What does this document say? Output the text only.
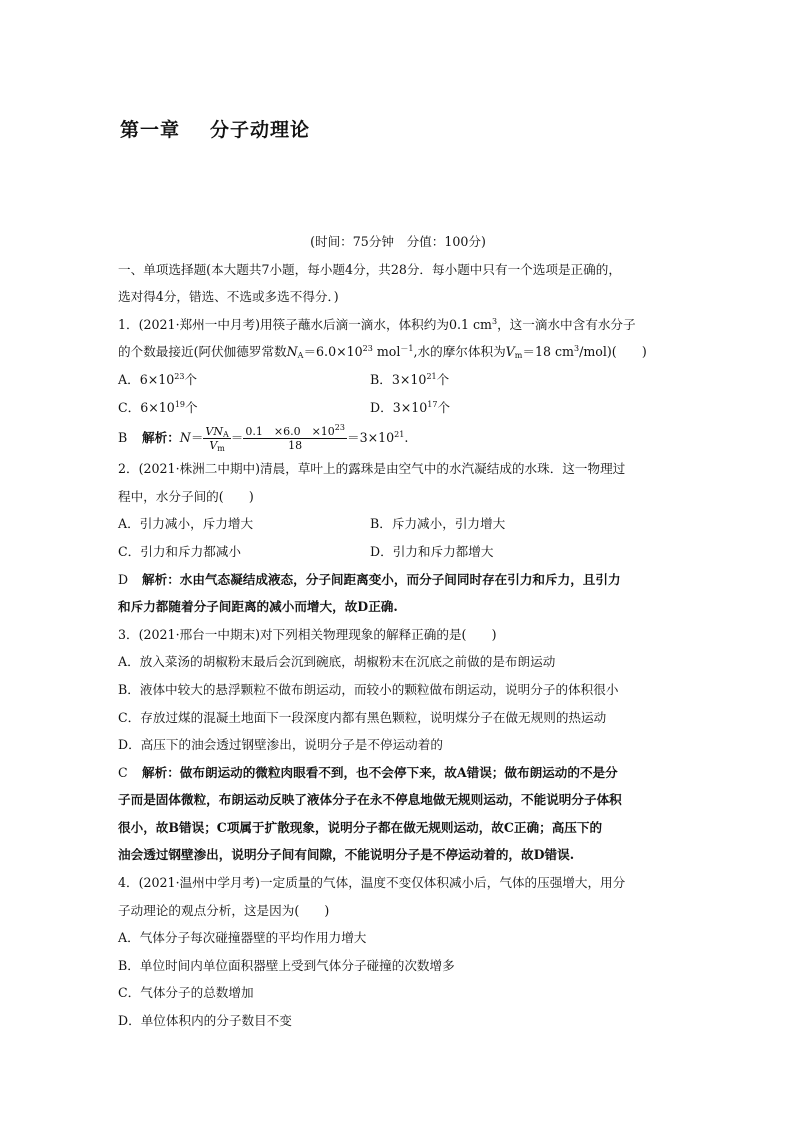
第一章 分子动理论
(时间：75分钟　分值：100分)
一、单项选择题(本大题共7小题，每小题4分，共28分．每小题中只有一个选项是正确的，
选对得4分，错选、不选或多选不得分．)
1．(2021·郑州一中月考)用筷子蘸水后滴一滴水，体积约为0.1 $cm^3$，这一滴水中含有水分子
的个数最接近(阿伏伽德罗常数$N_A=6.0\times 10^{23}$ mol$^{-1}$,水的摩尔体积为$V_m=18$ $cm^3/mol$)(　　)
A．$6\times 10^{23}$个	B．$3\times 10^{21}$个
C．$6\times 10^{19}$个	D．$3\times 10^{17}$个
B 解析：$N= \frac{VN_A}{V_m} = \frac{0.1 \times 6.0 \times 10^{23}}{18} =3\times 10^{21}$.
2．(2021·株洲二中期中)清晨，草叶上的露珠是由空气中的水汽凝结成的水珠．这一物理过
程中，水分子间的(　　)
A．引力减小，斥力增大	B．斥力减小，引力增大
C．引力和斥力都减小	D．引力和斥力都增大
D 解析：水由气态凝结成液态，分子间距离变小，而分子间同时存在引力和斥力，且引力
和斥力都随着分子间距离的减小而增大，故D正确.
3．(2021·邢台一中期末)对下列相关物理现象的解释正确的是(　　)
A．放入菜汤的胡椒粉末最后会沉到碗底，胡椒粉末在沉底之前做的是布朗运动
B．液体中较大的悬浮颗粒不做布朗运动，而较小的颗粒做布朗运动，说明分子的体积很小
C．存放过煤的混凝土地面下一段深度内都有黑色颗粒，说明煤分子在做无规则的热运动
D．高压下的油会透过钢壁渗出，说明分子是不停运动着的
C 解析：做布朗运动的微粒肉眼看不到，也不会停下来，故A错误；做布朗运动的不是分
子而是固体微粒，布朗运动反映了液体分子在永不停息地做无规则运动，不能说明分子体积
很小，故B错误；C项属于扩散现象，说明分子都在做无规则运动，故C正确；高压下的
油会透过钢壁渗出，说明分子间有间隙，不能说明分子是不停运动着的，故D错误.
4．(2021·温州中学月考)一定质量的气体，温度不变仅体积减小后，气体的压强增大，用分
子动理论的观点分析，这是因为(　　)
A．气体分子每次碰撞器壁的平均作用力增大
B．单位时间内单位面积器壁上受到气体分子碰撞的次数增多
C．气体分子的总数增加
D．单位体积内的分子数目不变
